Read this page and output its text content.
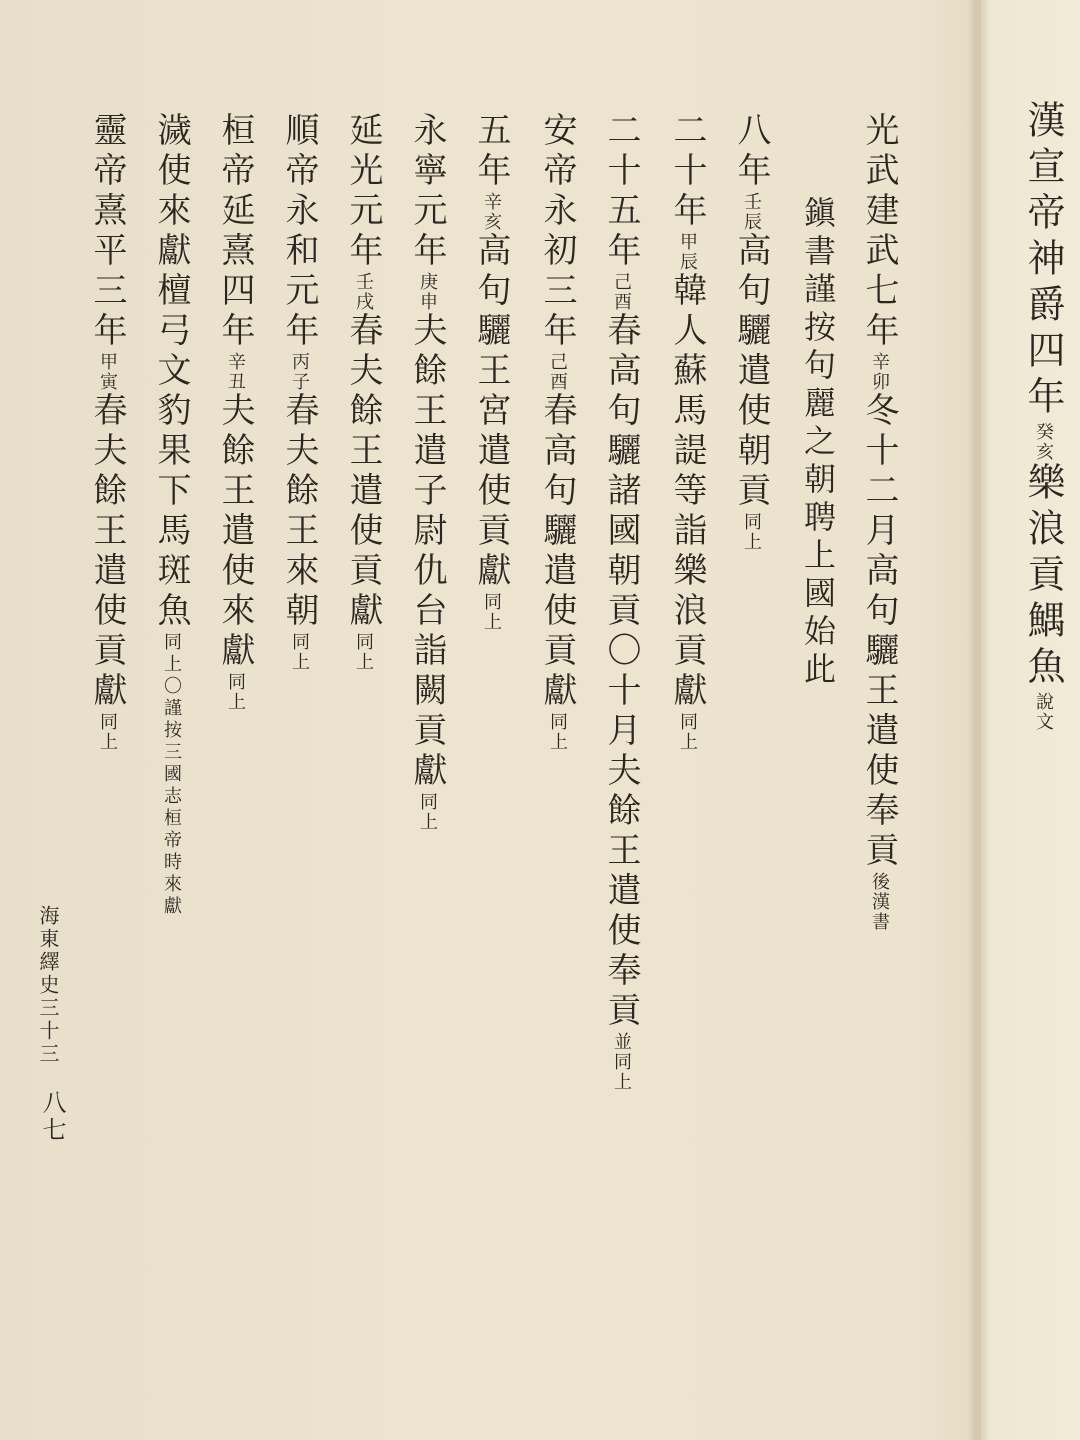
漢宣帝神爵四年癸亥樂浪貢鰅魚說文
光武建武七年辛卯冬十二月高句驪王遣使奉貢後漢書
鎭書謹按句麗之朝聘上國始此
八年壬辰高句驪遣使朝貢同上
二十年甲辰韓人蘇馬諟等詣樂浪貢獻同上
二十五年己酉春高句驪諸國朝貢〇十月夫餘王遣使奉貢並同上
安帝永初三年己酉春高句驪遣使貢獻同上
五年辛亥高句驪王宮遣使貢獻同上
永寧元年庚申夫餘王遣子尉仇台詣闕貢獻同上
延光元年壬戌春夫餘王遣使貢獻同上
順帝永和元年丙子春夫餘王來朝同上
桓帝延熹四年辛丑夫餘王遣使來獻同上
濊使來獻檀弓文豹果下馬斑魚同上〇謹按三國志桓帝時來獻
靈帝熹平三年甲寅春夫餘王遣使貢獻同上
海東繹史三十三
八七
